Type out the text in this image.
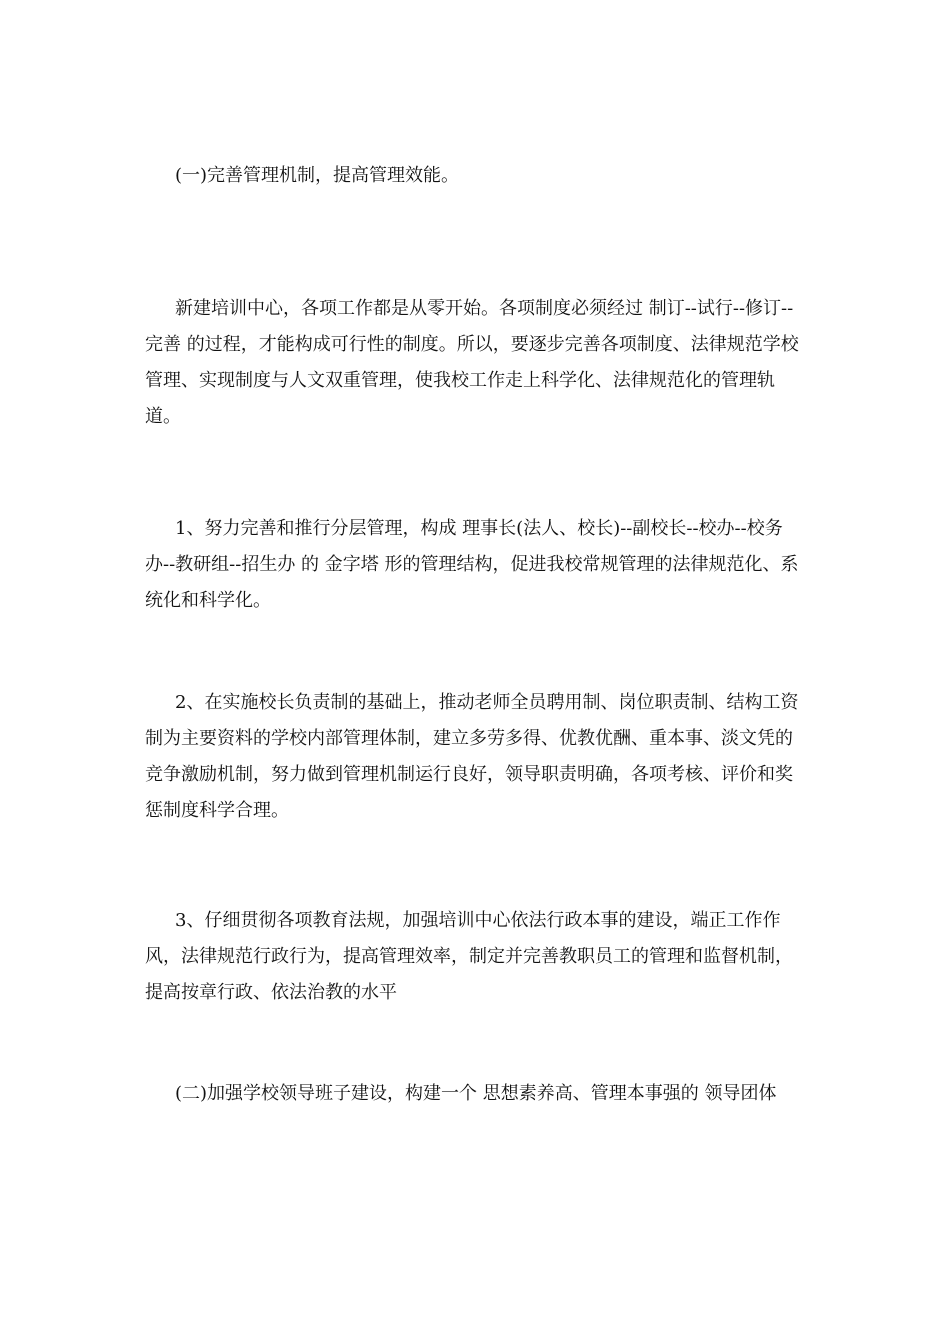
(一)完善管理机制，提高管理效能。

新建培训中心，各项工作都是从零开始。各项制度必须经过 制订--试行--修订--完善 的过程，才能构成可行性的制度。所以，要逐步完善各项制度、法律规范学校管理、实现制度与人文双重管理，使我校工作走上科学化、法律规范化的管理轨道。

1、努力完善和推行分层管理，构成 理事长(法人、校长)--副校长--校办--校务办--教研组--招生办 的 金字塔 形的管理结构，促进我校常规管理的法律规范化、系统化和科学化。

2、在实施校长负责制的基础上，推动老师全员聘用制、岗位职责制、结构工资制为主要资料的学校内部管理体制，建立多劳多得、优教优酬、重本事、淡文凭的竞争激励机制，努力做到管理机制运行良好，领导职责明确，各项考核、评价和奖惩制度科学合理。

3、仔细贯彻各项教育法规，加强培训中心依法行政本事的建设，端正工作作风，法律规范行政行为，提高管理效率，制定并完善教职员工的管理和监督机制，提高按章行政、依法治教的水平

(二)加强学校领导班子建设，构建一个 思想素养高、管理本事强的 领导团体
